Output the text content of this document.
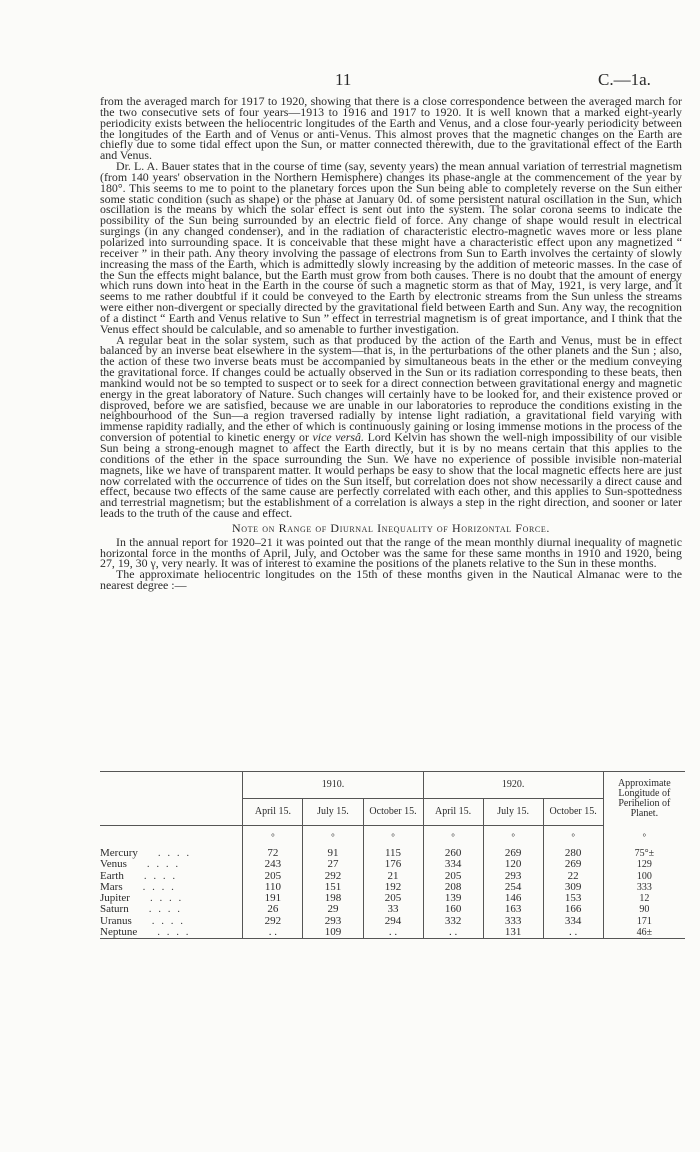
11	C.—1a.

from the averaged march for 1917 to 1920, showing that there is a close correspondence between the averaged march for the two consecutive sets of four years—1913 to 1916 and 1917 to 1920. It is well known that a marked eight-yearly periodicity exists between the heliocentric longitudes of the Earth and Venus, and a close four-yearly periodicity between the longitudes of the Earth and of Venus or anti-Venus. This almost proves that the magnetic changes on the Earth are chiefly due to some tidal effect upon the Sun, or matter connected therewith, due to the gravitational effect of the Earth and Venus.

Dr. L. A. Bauer states that in the course of time (say, seventy years) the mean annual variation of terrestrial magnetism (from 140 years' observation in the Northern Hemisphere) changes its phase-angle at the commencement of the year by 180°. This seems to me to point to the planetary forces upon the Sun being able to completely reverse on the Sun either some static condition (such as shape) or the phase at January 0d. of some persistent natural oscillation in the Sun, which oscillation is the means by which the solar effect is sent out into the system. The solar corona seems to indicate the possibility of the Sun being surrounded by an electric field of force. Any change of shape would result in electrical surgings (in any changed condenser), and in the radiation of characteristic electro-magnetic waves more or less plane polarized into surrounding space. It is conceivable that these might have a characteristic effect upon any magnetized “ receiver ” in their path. Any theory involving the passage of electrons from Sun to Earth involves the certainty of slowly increasing the mass of the Earth, which is admittedly slowly increasing by the addition of meteoric masses. In the case of the Sun the effects might balance, but the Earth must grow from both causes. There is no doubt that the amount of energy which runs down into heat in the Earth in the course of such a magnetic storm as that of May, 1921, is very large, and it seems to me rather doubtful if it could be conveyed to the Earth by electronic streams from the Sun unless the streams were either non-divergent or specially directed by the gravitational field between Earth and Sun. Any way, the recognition of a distinct “ Earth and Venus relative to Sun ” effect in terrestrial magnetism is of great importance, and I think that the Venus effect should be calculable, and so amenable to further investigation.

A regular beat in the solar system, such as that produced by the action of the Earth and Venus, must be in effect balanced by an inverse beat elsewhere in the system—that is, in the perturbations of the other planets and the Sun ; also, the action of these two inverse beats must be accompanied by simultaneous beats in the ether or the medium conveying the gravitational force. If changes could be actually observed in the Sun or its radiation corresponding to these beats, then mankind would not be so tempted to suspect or to seek for a direct connection between gravitational energy and magnetic energy in the great laboratory of Nature. Such changes will certainly have to be looked for, and their existence proved or disproved, before we are satisfied, because we are unable in our laboratories to reproduce the conditions existing in the neighbourhood of the Sun—a region traversed radially by intense light radiation, a gravitational field varying with immense rapidity radially, and the ether of which is continuously gaining or losing immense motions in the process of the conversion of potential to kinetic energy or vice versâ. Lord Kelvin has shown the well-nigh impossibility of our visible Sun being a strong-enough magnet to affect the Earth directly, but it is by no means certain that this applies to the conditions of the ether in the space surrounding the Sun. We have no experience of possible invisible non-material magnets, like we have of transparent matter. It would perhaps be easy to show that the local magnetic effects here are just now correlated with the occurrence of tides on the Sun itself, but correlation does not show necessarily a direct cause and effect, because two effects of the same cause are perfectly correlated with each other, and this applies to Sun-spottedness and terrestrial magnetism; but the establishment of a correlation is always a step in the right direction, and sooner or later leads to the truth of the cause and effect.

Note on Range of Diurnal Inequality of Horizontal Force.

In the annual report for 1920–21 it was pointed out that the range of the mean monthly diurnal inequality of magnetic horizontal force in the months of April, July, and October was the same for these same months in 1910 and 1920, being 27, 19, 30 γ, very nearly. It was of interest to examine the positions of the planets relative to the Sun in these months.

The approximate heliocentric longitudes on the 15th of these months given in the Nautical Almanac were to the nearest degree :—

	1910.			1920.			Approximate Longitude of Perihelion of Planet.
	April 15.	July 15.	October 15.	April 15.	July 15.	October 15.	
	°	°	°	°	°	°	°
Mercury . . . .	72	91	115	260	269	280	75°±
Venus . . . .	243	27	176	334	120	269	129
Earth . . . .	205	292	21	205	293	22	100
Mars . . . .	110	151	192	208	254	309	333
Jupiter . . . .	191	198	205	139	146	153	12
Saturn . . . .	26	29	33	160	163	166	90
Uranus . . . .	292	293	294	332	333	334	171
Neptune . . . .	. .	109	. .	. .	131	. .	46±
